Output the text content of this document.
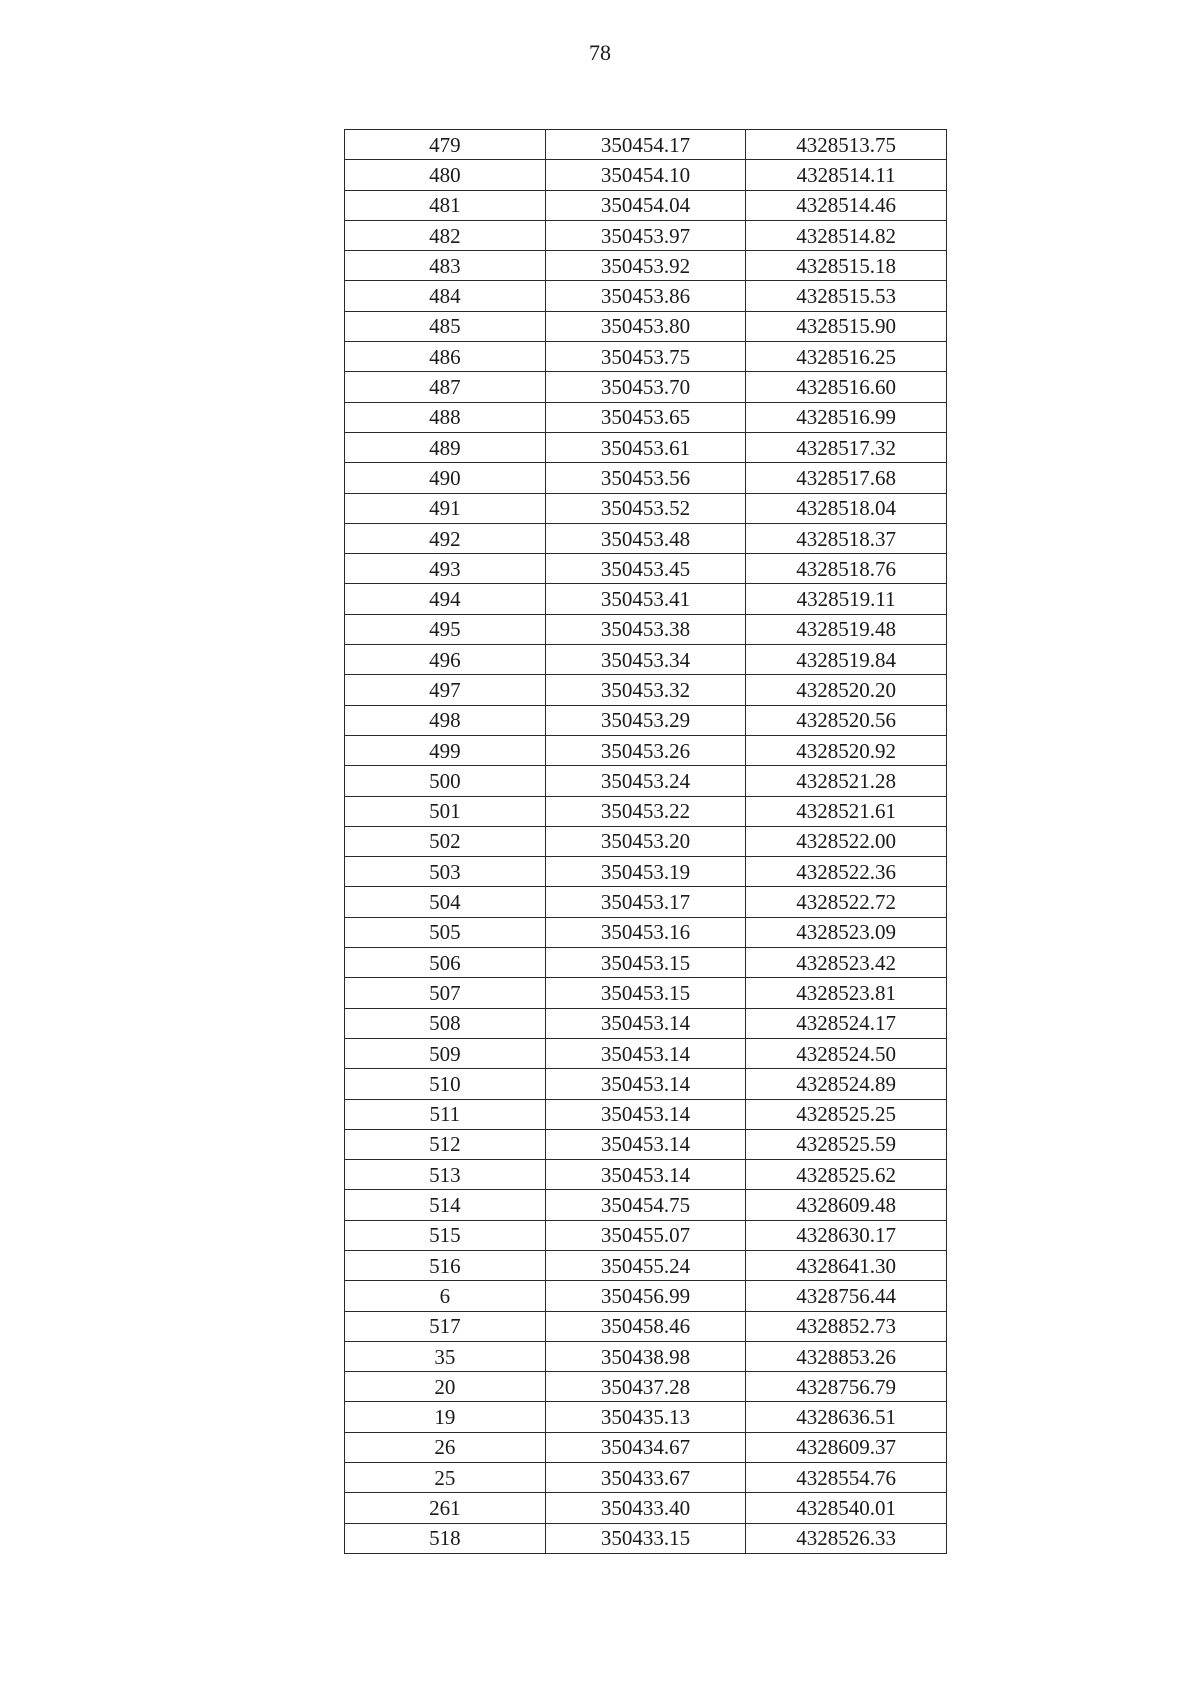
78
479	350454.17	4328513.75
480	350454.10	4328514.11
481	350454.04	4328514.46
482	350453.97	4328514.82
483	350453.92	4328515.18
484	350453.86	4328515.53
485	350453.80	4328515.90
486	350453.75	4328516.25
487	350453.70	4328516.60
488	350453.65	4328516.99
489	350453.61	4328517.32
490	350453.56	4328517.68
491	350453.52	4328518.04
492	350453.48	4328518.37
493	350453.45	4328518.76
494	350453.41	4328519.11
495	350453.38	4328519.48
496	350453.34	4328519.84
497	350453.32	4328520.20
498	350453.29	4328520.56
499	350453.26	4328520.92
500	350453.24	4328521.28
501	350453.22	4328521.61
502	350453.20	4328522.00
503	350453.19	4328522.36
504	350453.17	4328522.72
505	350453.16	4328523.09
506	350453.15	4328523.42
507	350453.15	4328523.81
508	350453.14	4328524.17
509	350453.14	4328524.50
510	350453.14	4328524.89
511	350453.14	4328525.25
512	350453.14	4328525.59
513	350453.14	4328525.62
514	350454.75	4328609.48
515	350455.07	4328630.17
516	350455.24	4328641.30
6	350456.99	4328756.44
517	350458.46	4328852.73
35	350438.98	4328853.26
20	350437.28	4328756.79
19	350435.13	4328636.51
26	350434.67	4328609.37
25	350433.67	4328554.76
261	350433.40	4328540.01
518	350433.15	4328526.33
